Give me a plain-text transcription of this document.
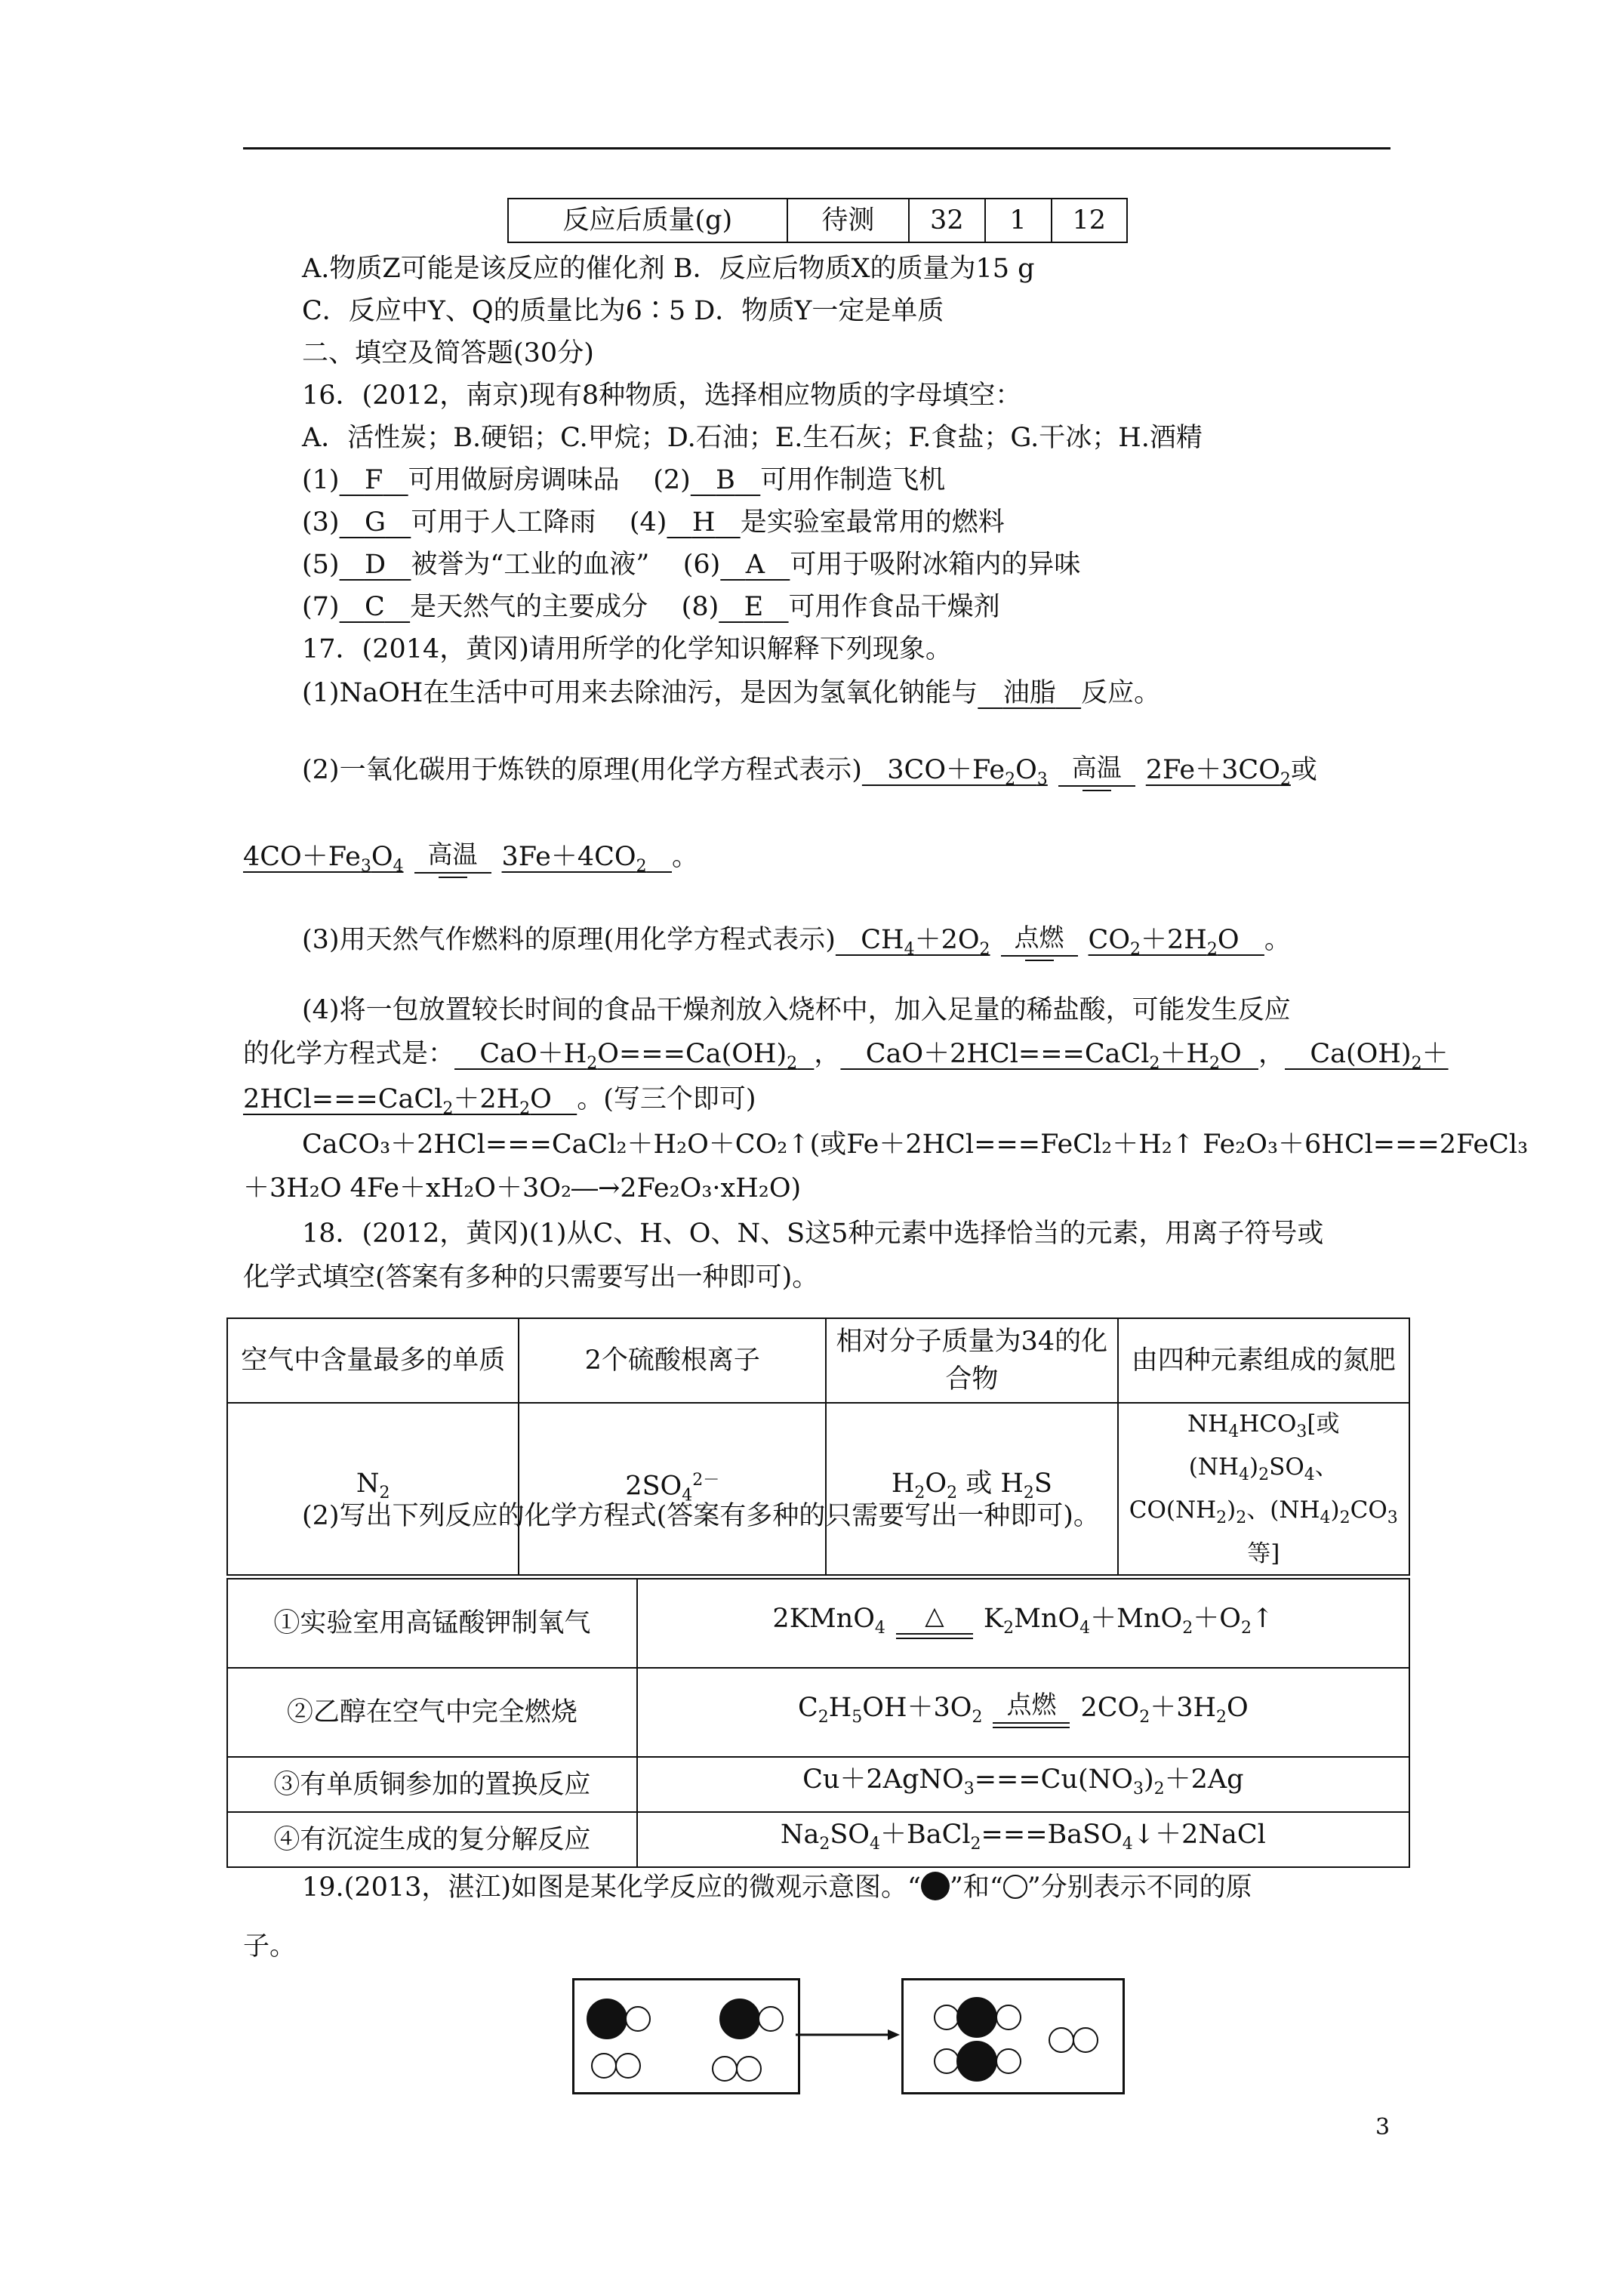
反应后质量(g)	待测	32	1	12
A.物质Z可能是该反应的催化剂 B．反应后物质X的质量为15 g
C．反应中Y、Q的质量比为6∶5 D．物质Y一定是单质
二、填空及简答题(30分)
16．(2012，南京)现有8种物质，选择相应物质的字母填空：
A．活性炭；B.硬铝；C.甲烷；D.石油；E.生石灰；F.食盐；G.干冰；H.酒精
(1) F 可用做厨房调味品 (2) B 可用作制造飞机
(3) G 可用于人工降雨 (4) H 是实验室最常用的燃料
(5) D 被誉为“工业的血液” (6) A 可用于吸附冰箱内的异味
(7) C 是天然气的主要成分 (8) E 可用作食品干燥剂
17．(2014，黄冈)请用所学的化学知识解释下列现象。
(1)NaOH在生活中可用来去除油污，是因为氢氧化钠能与 油脂 反应。
(2)一氧化碳用于炼铁的原理(用化学方程式表示)   $3CO+Fe_2O_3$ 高温 $2Fe+3CO_2$或
$4CO+Fe_3O_4$ 高温 $3Fe+4CO_2$ 。
(3)用天然气作燃料的原理(用化学方程式表示)   $CH_4+2O_2$ 点燃 $CO_2+2H_2O$   。
(4)将一包放置较长时间的食品干燥剂放入烧杯中，加入足量的稀盐酸，可能发生反应
的化学方程式是：   $CaO+H_2O===Ca(OH)_2$ ，   $CaO+2HCl===CaCl_2+H_2O$  ，   $Ca(OH)_2+$
$2HCl===CaCl_2+2H_2O$   。(写三个即可)
CaCO₃＋2HCl===CaCl₂＋H₂O＋CO₂↑(或Fe＋2HCl===FeCl₂＋H₂↑ Fe₂O₃＋6HCl===2FeCl₃
＋3H₂O 4Fe＋xH₂O＋3O₂―→2Fe₂O₃·xH₂O)
18．(2012，黄冈)(1)从C、H、O、N、S这5种元素中选择恰当的元素，用离子符号或
化学式填空(答案有多种的只需要写出一种即可)。
空气中含量最多的单质	2个硫酸根离子	相对分子质量为34的化合物	由四种元素组成的氮肥
$N_2$	$2SO_4^{2-}$	$H_2O_2$ 或 $H_2S$	$NH_4HCO_3$[或$(NH_4)_2SO_4$、
$CO(NH_2)_2$、$(NH_4)_2CO_3$等]
(2)写出下列反应的化学方程式(答案有多种的只需要写出一种即可)。
①实验室用高锰酸钾制氧气	2KMnO$_4$ △ $K_2MnO_4+MnO_2+O_2↑$
②乙醇在空气中完全燃烧	$C_2H_5OH+3O_2$ 点燃 $2CO_2+3H_2O$
③有单质铜参加的置换反应	$Cu+2AgNO_3===Cu(NO_3)_2+2Ag$
④有沉淀生成的复分解反应	$Na_2SO_4+BaCl_2===BaSO_4↓+2NaCl$
19.(2013，湛江)如图是某化学反应的微观示意图。“ ”和“ ”分别表示不同的原
子。
3
